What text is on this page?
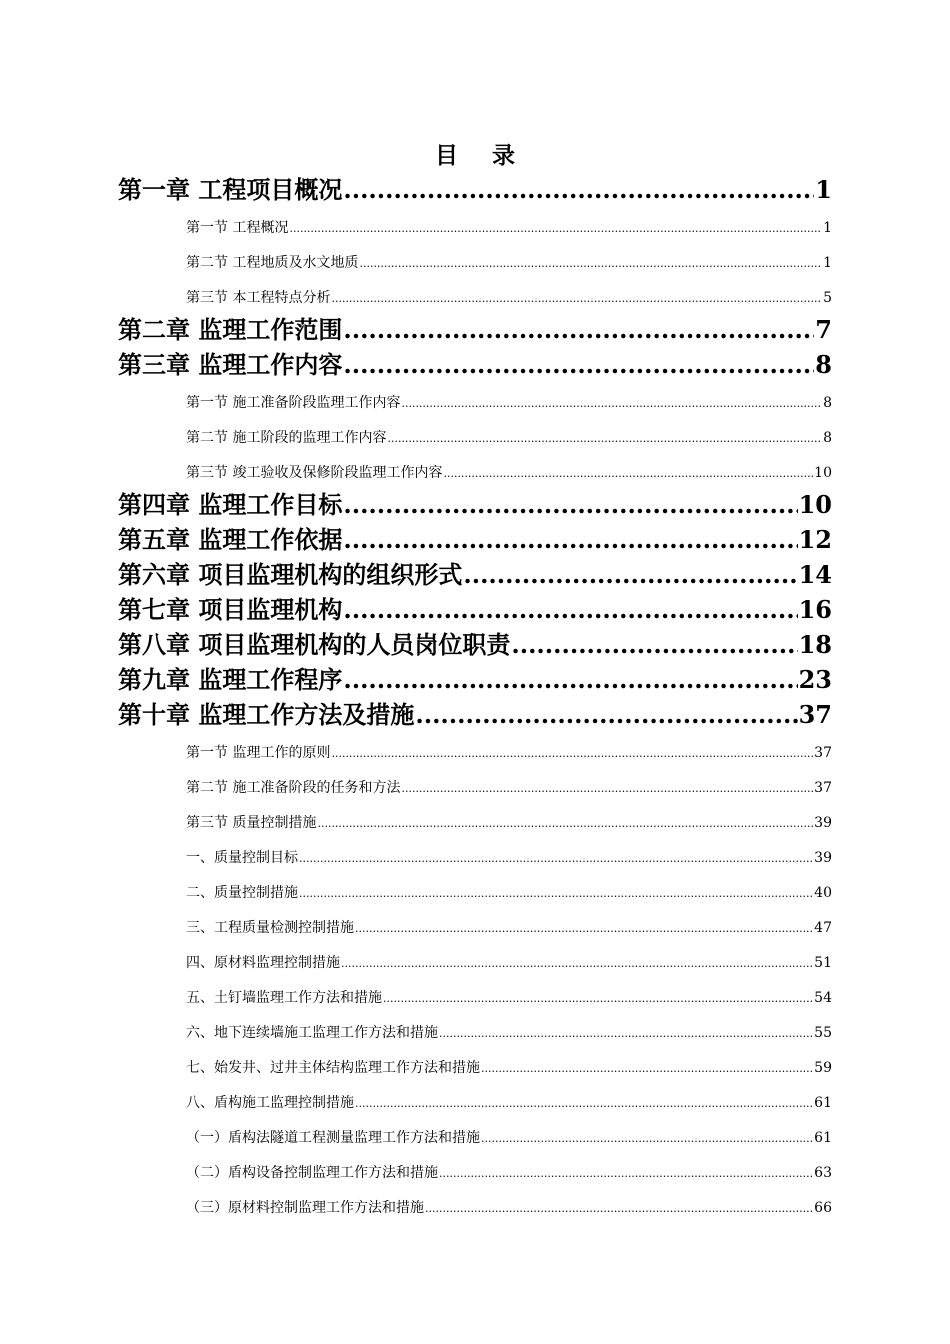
目 录
第一章 工程项目概况 .....	1
第一节 工程概况 .....	1
第二节 工程地质及水文地质 .....	1
第三节 本工程特点分析 .....	5
第二章 监理工作范围 .....	7
第三章 监理工作内容 .....	8
第一节 施工准备阶段监理工作内容 .....	8
第二节 施工阶段的监理工作内容 .....	8
第三节 竣工验收及保修阶段监理工作内容 .....	10
第四章 监理工作目标 .....	10
第五章 监理工作依据 .....	12
第六章 项目监理机构的组织形式 .....	14
第七章 项目监理机构 .....	16
第八章 项目监理机构的人员岗位职责 .....	18
第九章 监理工作程序 .....	23
第十章 监理工作方法及措施 .....	37
第一节 监理工作的原则 .....	37
第二节 施工准备阶段的任务和方法 .....	37
第三节 质量控制措施 .....	39
一、质量控制目标 .....	39
二、质量控制措施 .....	40
三、工程质量检测控制措施 .....	47
四、原材料监理控制措施 .....	51
五、土钉墙监理工作方法和措施 .....	54
六、地下连续墙施工监理工作方法和措施 .....	55
七、始发井、过井主体结构监理工作方法和措施 .....	59
八、盾构施工监理控制措施 .....	61
（一）盾构法隧道工程测量监理工作方法和措施 .....	61
（二）盾构设备控制监理工作方法和措施 .....	63
（三）原材料控制监理工作方法和措施 .....	66
